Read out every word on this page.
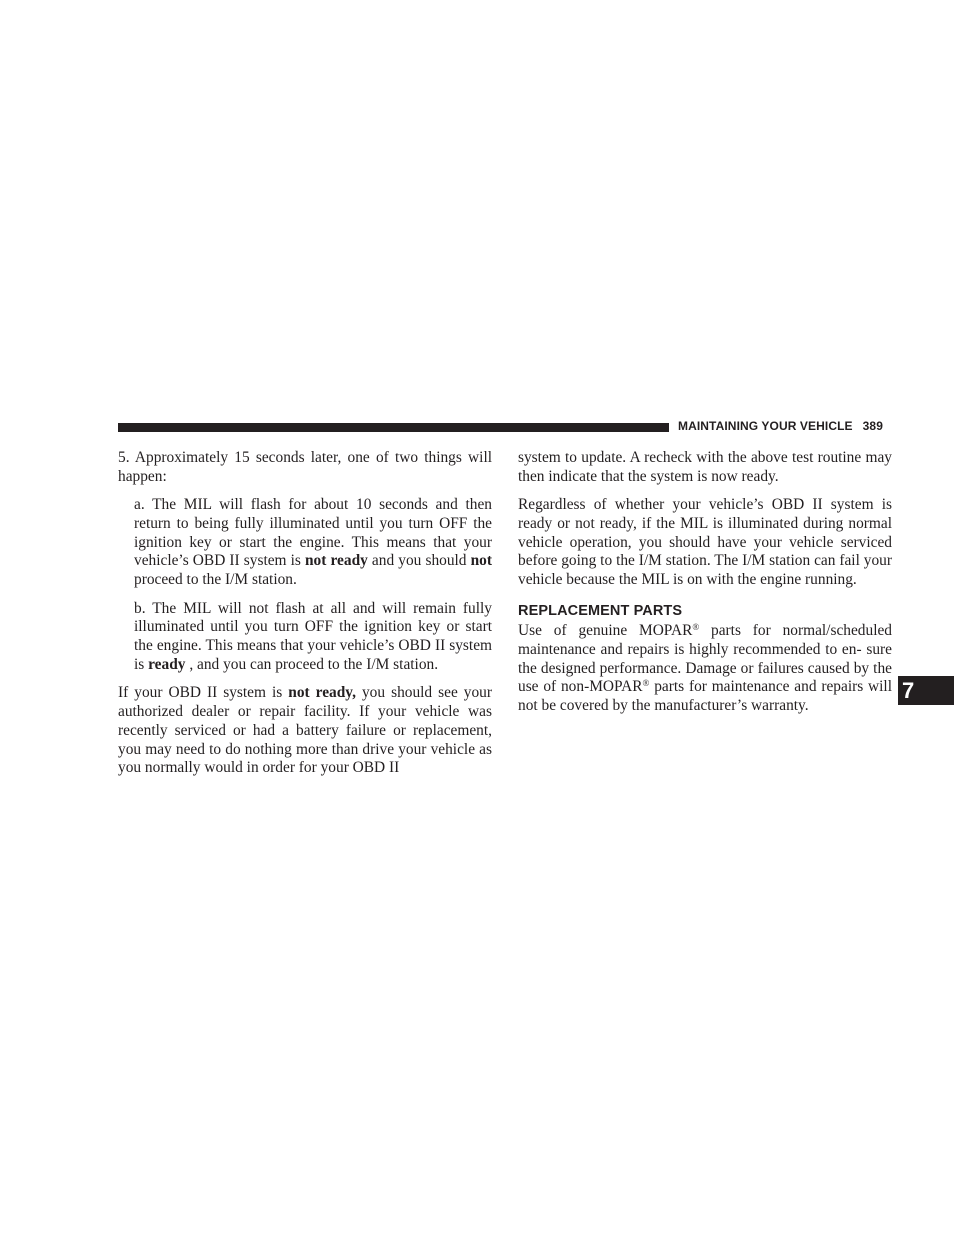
MAINTAINING YOUR VEHICLE 389

5. Approximately 15 seconds later, one of two things will happen:

a. The MIL will flash for about 10 seconds and then return to being fully illuminated until you turn OFF the ignition key or start the engine. This means that your vehicle’s OBD II system is not ready and you should not proceed to the I/M station.

b. The MIL will not flash at all and will remain fully illuminated until you turn OFF the ignition key or start the engine. This means that your vehicle’s OBD II system is ready , and you can proceed to the I/M station.

If your OBD II system is not ready, you should see your authorized dealer or repair facility. If your vehicle was recently serviced or had a battery failure or replacement, you may need to do nothing more than drive your vehicle as you normally would in order for your OBD II

system to update. A recheck with the above test routine may then indicate that the system is now ready.

Regardless of whether your vehicle’s OBD II system is ready or not ready, if the MIL is illuminated during normal vehicle operation, you should have your vehicle serviced before going to the I/M station. The I/M station can fail your vehicle because the MIL is on with the engine running.

REPLACEMENT PARTS

Use of genuine MOPAR® parts for normal/scheduled maintenance and repairs is highly recommended to en- sure the designed performance. Damage or failures caused by the use of non-MOPAR® parts for maintenance and repairs will not be covered by the manufacturer’s warranty.

7
